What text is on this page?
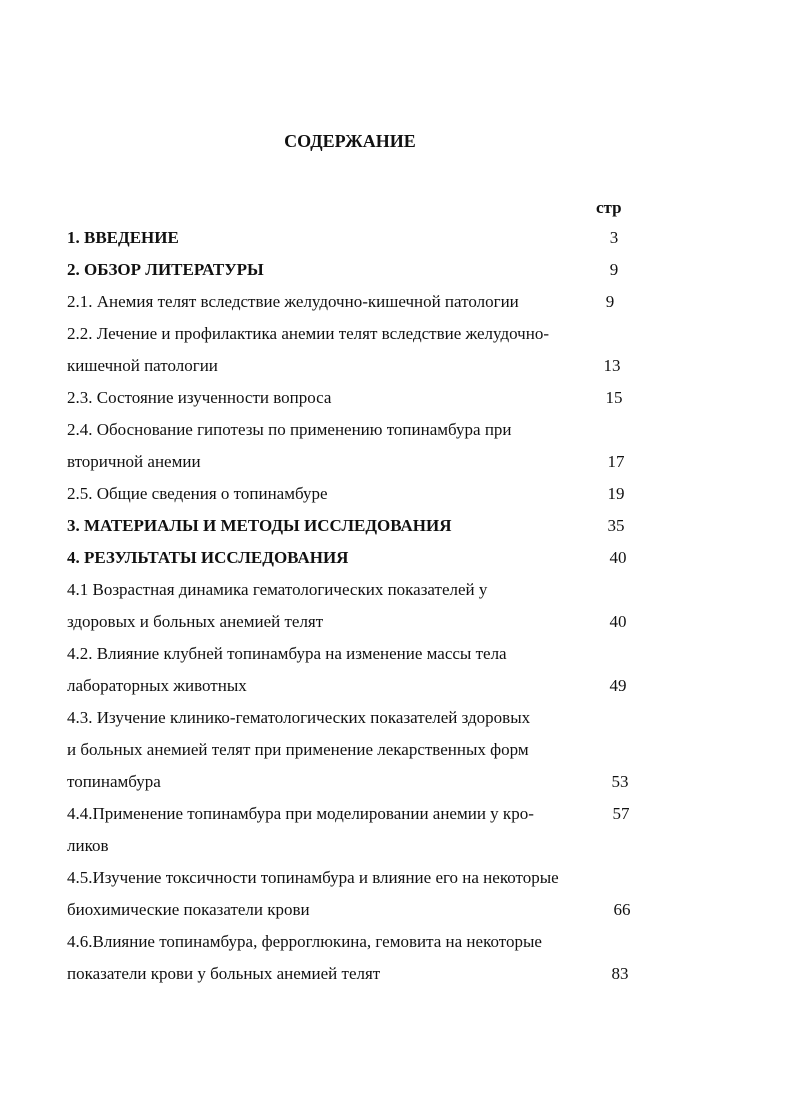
СОДЕРЖАНИЕ
стр
1. ВВЕДЕНИЕ	3
2. ОБЗОР ЛИТЕРАТУРЫ	9
2.1. Анемия телят вследствие желудочно-кишечной патологии	9
2.2. Лечение и профилактика анемии телят вследствие желудочно-
кишечной патологии	13
2.3. Состояние изученности вопроса	15
2.4. Обоснование гипотезы по применению топинамбура при
вторичной анемии	17
2.5. Общие сведения о топинамбуре	19
3. МАТЕРИАЛЫ И МЕТОДЫ ИССЛЕДОВАНИЯ	35
4. РЕЗУЛЬТАТЫ ИССЛЕДОВАНИЯ	40
4.1 Возрастная динамика гематологических показателей у
здоровых и больных анемией телят	40
4.2. Влияние клубней топинамбура на изменение массы тела
лабораторных животных	49
4.3. Изучение клинико-гематологических показателей здоровых
и больных анемией телят при применение лекарственных форм
топинамбура	53
4.4.Применение топинамбура при моделировании анемии у кро-	57
ликов
4.5.Изучение токсичности топинамбура и влияние его на некоторые
биохимические показатели крови	66
4.6.Влияние топинамбура, ферроглюкина, гемовита на некоторые
показатели крови у больных анемией телят	83
